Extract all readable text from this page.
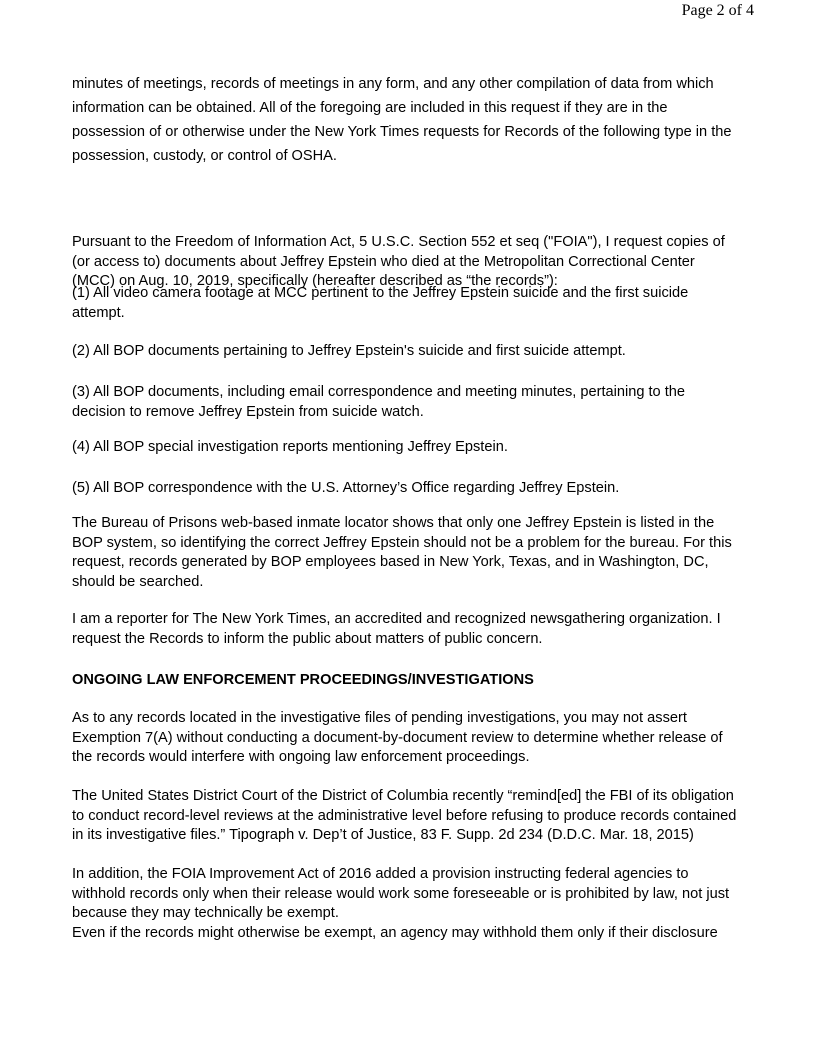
Page 2 of 4
minutes of meetings, records of meetings in any form, and any other compilation of data from which
information can be obtained. All of the foregoing are included in this request if they are in the
possession of or otherwise under the New York Times requests for Records of the following type in the
possession, custody, or control of OSHA.
Pursuant to the Freedom of Information Act, 5 U.S.C. Section 552 et seq ("FOIA"), I request copies of
(or access to) documents about Jeffrey Epstein who died at the Metropolitan Correctional Center
(MCC) on Aug. 10, 2019, specifically (hereafter described as “the records”):
(1) All video camera footage at MCC pertinent to the Jeffrey Epstein suicide and the first suicide
attempt.
(2) All BOP documents pertaining to Jeffrey Epstein's suicide and first suicide attempt.
(3) All BOP documents, including email correspondence and meeting minutes, pertaining to the
decision to remove Jeffrey Epstein from suicide watch.
(4) All BOP special investigation reports mentioning Jeffrey Epstein.
(5) All BOP correspondence with the U.S. Attorney’s Office regarding Jeffrey Epstein.
The Bureau of Prisons web-based inmate locator shows that only one Jeffrey Epstein is listed in the
BOP system, so identifying the correct Jeffrey Epstein should not be a problem for the bureau. For this
request, records generated by BOP employees based in New York, Texas, and in Washington, DC,
should be searched.
I am a reporter for The New York Times, an accredited and recognized newsgathering organization. I
request the Records to inform the public about matters of public concern.
ONGOING LAW ENFORCEMENT PROCEEDINGS/INVESTIGATIONS
As to any records located in the investigative files of pending investigations, you may not assert
Exemption 7(A) without conducting a document-by-document review to determine whether release of
the records would interfere with ongoing law enforcement proceedings.
The United States District Court of the District of Columbia recently “remind[ed] the FBI of its obligation
to conduct record-level reviews at the administrative level before refusing to produce records contained
in its investigative files.” Tipograph v. Dep’t of Justice, 83 F. Supp. 2d 234 (D.D.C. Mar. 18, 2015)
In addition, the FOIA Improvement Act of 2016 added a provision instructing federal agencies to
withhold records only when their release would work some foreseeable or is prohibited by law, not just
because they may technically be exempt.
Even if the records might otherwise be exempt, an agency may withhold them only if their disclosure
